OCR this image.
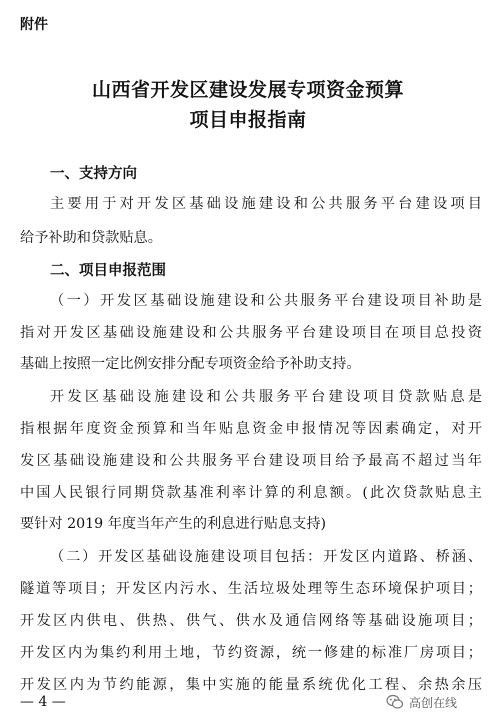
附件
山西省开发区建设发展专项资金预算
项目申报指南
一、支持方向
主要用于对开发区基础设施建设和公共服务平台建设项目
给予补助和贷款贴息。
二、项目申报范围
（一）开发区基础设施建设和公共服务平台建设项目补助是
指对开发区基础设施建设和公共服务平台建设项目在项目总投资
基础上按照一定比例安排分配专项资金给予补助支持。
开发区基础设施建设和公共服务平台建设项目贷款贴息是
指根据年度资金预算和当年贴息资金申报情况等因素确定，对开
发区基础设施建设和公共服务平台建设项目给予最高不超过当年
中国人民银行同期贷款基准利率计算的利息额。(此次贷款贴息主
要针对 2019 年度当年产生的利息进行贴息支持)
（二）开发区基础设施建设项目包括：开发区内道路、桥涵、
隧道等项目；开发区内污水、生活垃圾处理等生态环境保护项目；
开发区内供电、供热、供气、供水及通信网络等基础设施项目；
开发区内为集约利用土地，节约资源，统一修建的标准厂房项目；
开发区内为节约能源，集中实施的能量系统优化工程、余热余压
— 4 —	高创在线
